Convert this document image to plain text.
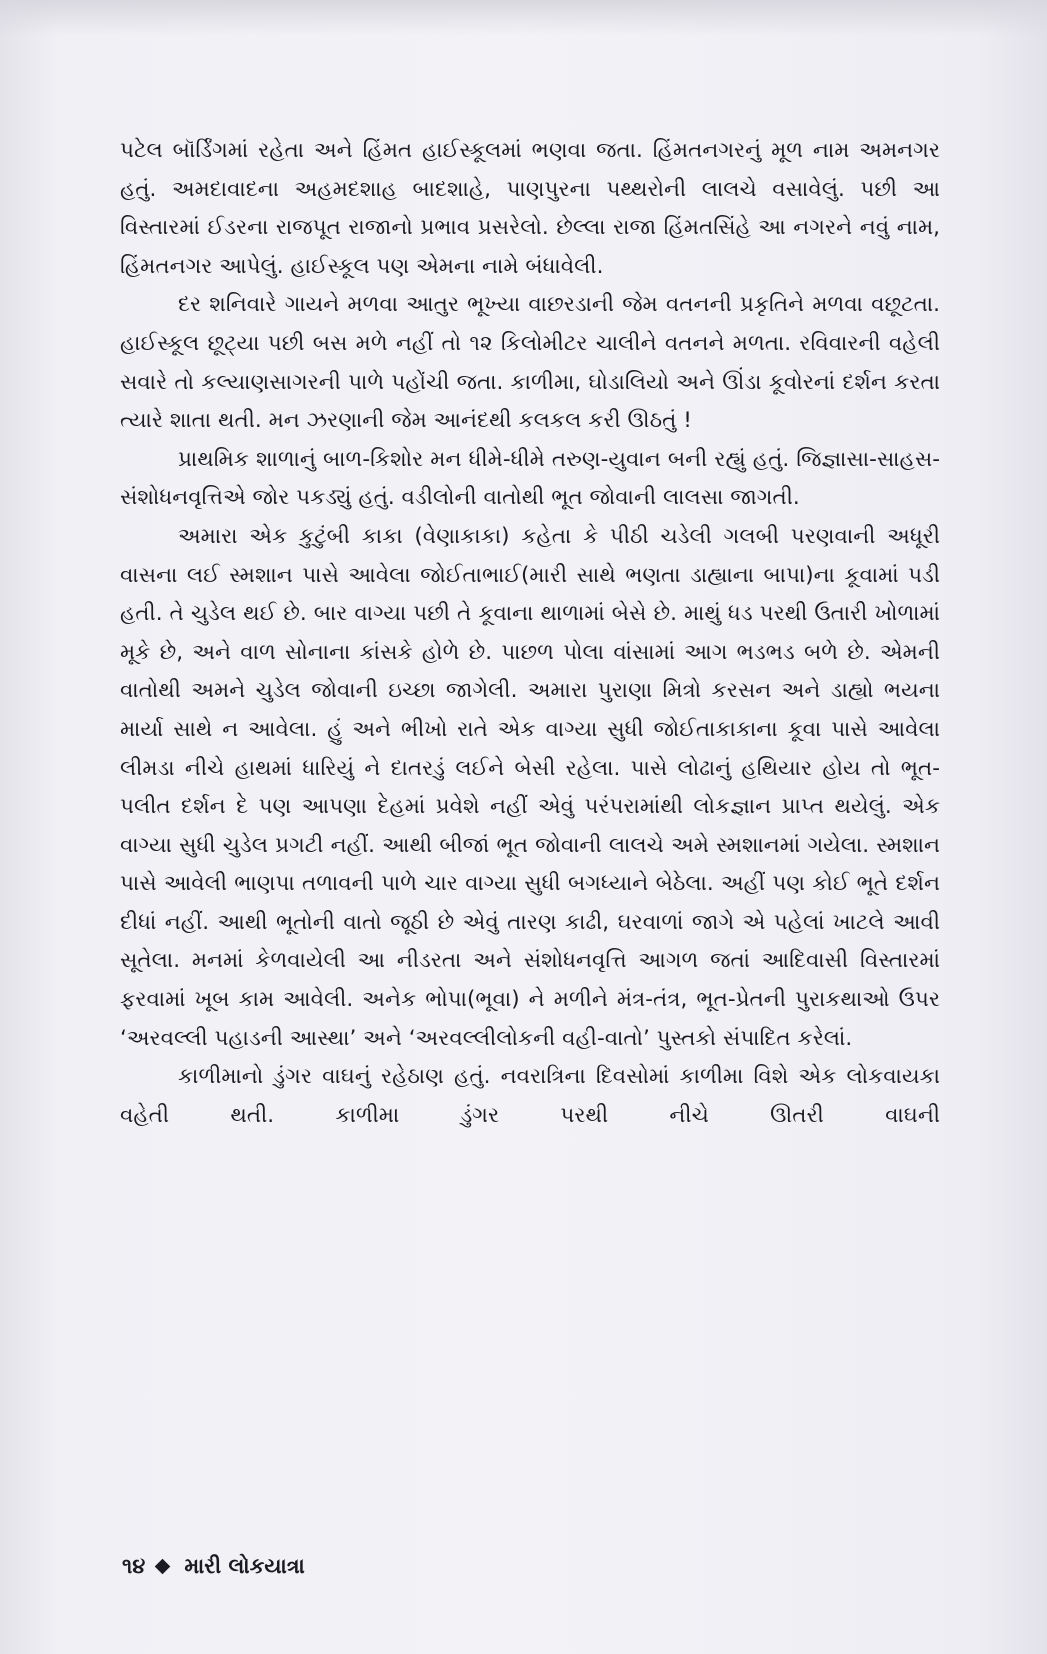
પટેલ બૉર્ડિંગમાં રહેતા અને હિંમત હાઈસ્કૂલમાં ભણવા જતા. હિંમતનગરનું મૂળ નામ અમનગર હતું. અમદાવાદના અહમદશાહ બાદશાહે, પાણપુરના પથ્થરોની લાલચે વસાવેલું. પછી આ વિસ્તારમાં ઈડરના રાજપૂત રાજાનો પ્રભાવ પ્રસરેલો. છેલ્લા રાજા હિંમતસિંહે આ નગરને નવું નામ, હિંમતનગર આપેલું. હાઈસ્કૂલ પણ એમના નામે બંધાવેલી.

દર શનિવારે ગાયને મળવા આતુર ભૂખ્યા વાછરડાની જેમ વતનની પ્રકૃતિને મળવા વછૂટતા. હાઈસ્કૂલ છૂટ્યા પછી બસ મળે નહીં તો ૧૨ કિલોમીટર ચાલીને વતનને મળતા. રવિવારની વહેલી સવારે તો કલ્યાણસાગરની પાળે પહોંચી જતા. કાળીમા, ઘોડાલિયો અને ઊંડા કૂવોરનાં દર્શન કરતા ત્યારે શાતા થતી. મન ઝરણાની જેમ આનંદથી કલકલ કરી ઊઠતું !

પ્રાથમિક શાળાનું બાળ-કિશોર મન ધીમે-ધીમે તરુણ-યુવાન બની રહ્યું હતું. જિજ્ઞાસા-સાહસ-સંશોધનવૃત્તિએ જોર પકડ્યું હતું. વડીલોની વાતોથી ભૂત જોવાની લાલસા જાગતી.

અમારા એક કુટુંબી કાકા (વેણાકાકા) કહેતા કે પીઠી ચડેલી ગલબી પરણવાની અધૂરી વાસના લઈ સ્મશાન પાસે આવેલા જોઈતાભાઈ(મારી સાથે ભણતા ડાહ્યાના બાપા)ના કૂવામાં પડી હતી. તે ચુડેલ થઈ છે. બાર વાગ્યા પછી તે કૂવાના થાળામાં બેસે છે. માથું ધડ પરથી ઉતારી ખોળામાં મૂકે છે, અને વાળ સોનાના કાંસકે હોળે છે. પાછળ પોલા વાંસામાં આગ ભડભડ બળે છે. એમની વાતોથી અમને ચુડેલ જોવાની ઇચ્છા જાગેલી. અમારા પુરાણા મિત્રો કરસન અને ડાહ્યો ભયના માર્યા સાથે ન આવેલા. હું અને ભીખો રાતે એક વાગ્યા સુધી જોઈતાકાકાના કૂવા પાસે આવેલા લીમડા નીચે હાથમાં ધારિયું ને દાતરડું લઈને બેસી રહેલા. પાસે લોઢાનું હથિયાર હોય તો ભૂત-પલીત દર્શન દે પણ આપણા દેહમાં પ્રવેશે નહીં એવું પરંપરામાંથી લોકજ્ઞાન પ્રાપ્ત થયેલું. એક વાગ્યા સુધી ચુડેલ પ્રગટી નહીં. આથી બીજાં ભૂત જોવાની લાલચે અમે સ્મશાનમાં ગયેલા. સ્મશાન પાસે આવેલી ભાણપા તળાવની પાળે ચાર વાગ્યા સુધી બગધ્યાને બેઠેલા. અહીં પણ કોઈ ભૂતે દર્શન દીધાં નહીં. આથી ભૂતોની વાતો જૂઠી છે એવું તારણ કાઢી, ઘરવાળાં જાગે એ પહેલાં ખાટલે આવી સૂતેલા. મનમાં કેળવાયેલી આ નીડરતા અને સંશોધનવૃત્તિ આગળ જતાં આદિવાસી વિસ્તારમાં ફરવામાં ખૂબ કામ આવેલી. અનેક ભોપા(ભૂવા) ને મળીને મંત્ર-તંત્ર, ભૂત-પ્રેતની પુરાકથાઓ ઉપર ‘અરવલ્લી પહાડની આસ્થા’ અને ‘અરવલ્લીલોકની વહી-વાતો’ પુસ્તકો સંપાદિત કરેલાં.

કાળીમાનો ડુંગર વાઘનું રહેઠાણ હતું. નવરાત્રિના દિવસોમાં કાળીમા વિશે એક લોકવાયકા વહેતી થતી. કાળીમા ડુંગર પરથી નીચે ઊતરી વાઘની

૧૪ મારી લોકયાત્રા
